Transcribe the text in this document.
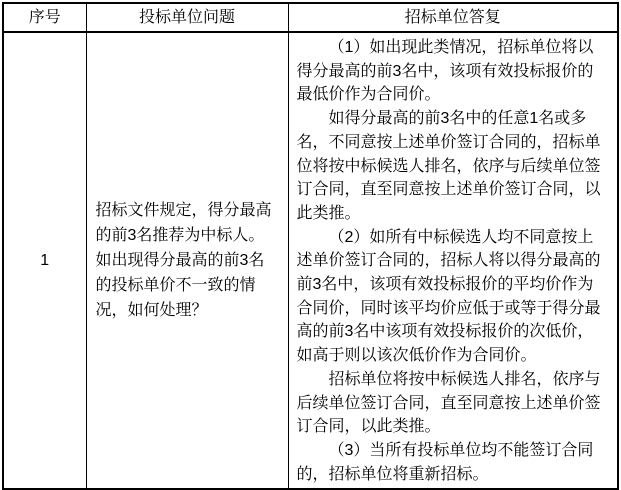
序号	投标单位问题	招标单位答复
1	招标文件规定，得分最高的前3名推荐为中标人。如出现得分最高的前3名的投标单价不一致的情况，如何处理？	（1）如出现此类情况，招标单位将以得分最高的前3名中，该项有效投标报价的最低价作为合同价。

如得分最高的前3名中的任意1名或多名，不同意按上述单价签订合同的，招标单位将按中标候选人排名，依序与后续单位签订合同，直至同意按上述单价签订合同，以此类推。

（2）如所有中标候选人均不同意按上述单价签订合同的，招标人将以得分最高的前3名中，该项有效投标报价的平均价作为合同价，同时该平均价应低于或等于得分最高的前3名中该项有效投标报价的次低价，如高于则以该次低价作为合同价。

招标单位将按中标候选人排名，依序与后续单位签订合同，直至同意按上述单价签订合同，以此类推。

（3）当所有投标单位均不能签订合同的，招标单位将重新招标。
